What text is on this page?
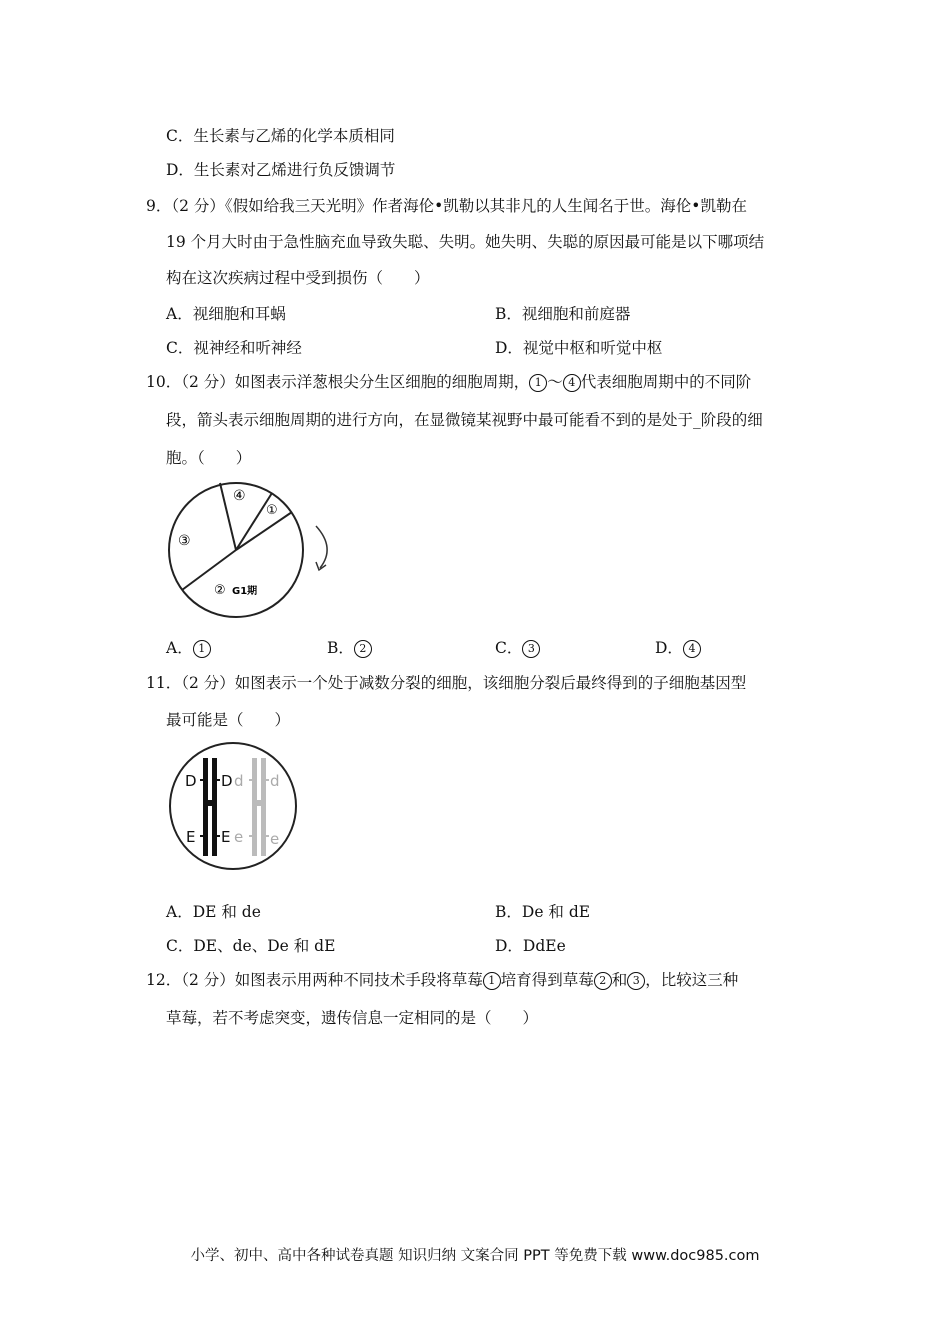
C．生长素与乙烯的化学本质相同
D．生长素对乙烯进行负反馈调节
9．（2 分）《假如给我三天光明》作者海伦•凯勒以其非凡的人生闻名于世。海伦•凯勒在
19 个月大时由于急性脑充血导致失聪、失明。她失明、失聪的原因最可能是以下哪项结
构在这次疾病过程中受到损伤（　　）
A．视细胞和耳蜗	B．视细胞和前庭器
C．视神经和听神经	D．视觉中枢和听觉中枢
10．（2 分）如图表示洋葱根尖分生区细胞的细胞周期， 1 ～ 4 代表细胞周期中的不同阶
段，箭头表示细胞周期的进行方向，在显微镜某视野中最可能看不到的是处于_阶段的细
胞。（　　）
④
①
③
② G1期
A． 1	B． 2	C． 3	D． 4
11．（2 分）如图表示一个处于减数分裂的细胞，该细胞分裂后最终得到的子细胞基因型
最可能是（　　）
D D d d
E E e e
A．DE 和 de	B．De 和 dE
C．DE、de、De 和 dE	D．DdEe
12．（2 分）如图表示用两种不同技术手段将草莓 1 培育得到草莓 2 和 3 ，比较这三种
草莓，若不考虑突变，遗传信息一定相同的是（　　）
小学、初中、高中各种试卷真题 知识归纳 文案合同 PPT 等免费下载 www.doc985.com
